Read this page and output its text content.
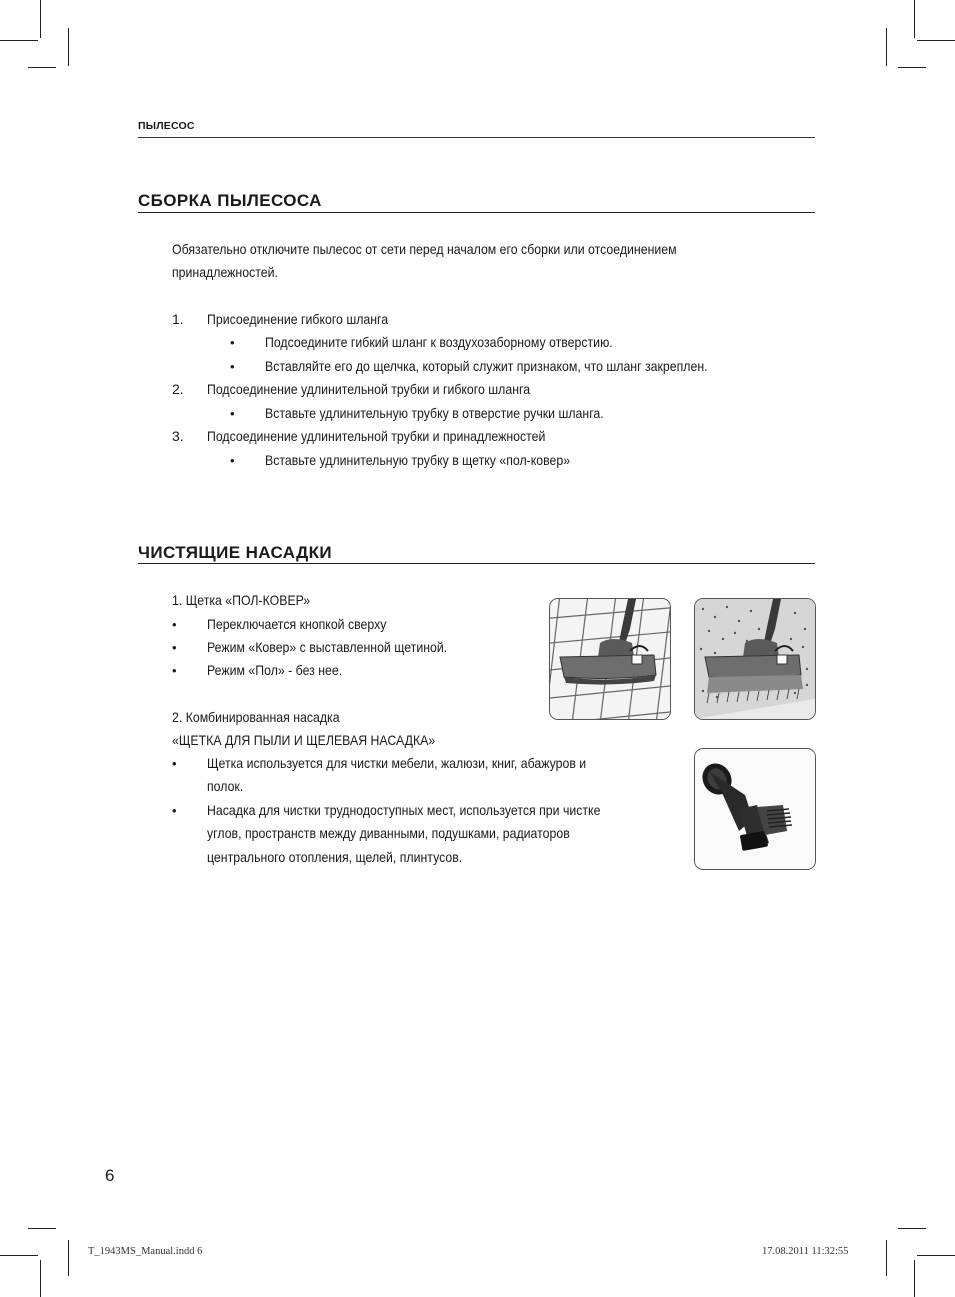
ПЫЛЕСОС
СБОРКА ПЫЛЕСОСА
Обязательно отключите пылесос от сети перед началом его сборки или отсоединением
принадлежностей.
1. Присоединение гибкого шланга
• Подсоедините гибкий шланг к воздухозаборному отверстию.
• Вставляйте его до щелчка, который служит признаком, что шланг закреплен.
2. Подсоединение удлинительной трубки и гибкого шланга
• Вставьте удлинительную трубку в отверстие ручки шланга.
3. Подсоединение удлинительной трубки и принадлежностей
• Вставьте удлинительную трубку в щетку «пол-ковер»
ЧИСТЯЩИЕ НАСАДКИ
1. Щетка «ПОЛ-КОВЕР»
• Переключается кнопкой сверху
• Режим «Ковер» с выставленной щетиной.
• Режим «Пол» - без нее.
2. Комбинированная насадка
«ЩЕТКА ДЛЯ ПЫЛИ И ЩЕЛЕВАЯ НАСАДКА»
• Щетка используется для чистки мебели, жалюзи, книг, абажуров и
полок.
• Насадка для чистки труднодоступных мест, используется при чистке
углов, пространств между диванными, подушками, радиаторов
центрального отопления, щелей, плинтусов.
6
T_1943MS_Manual.indd 6	17.08.2011 11:32:55
